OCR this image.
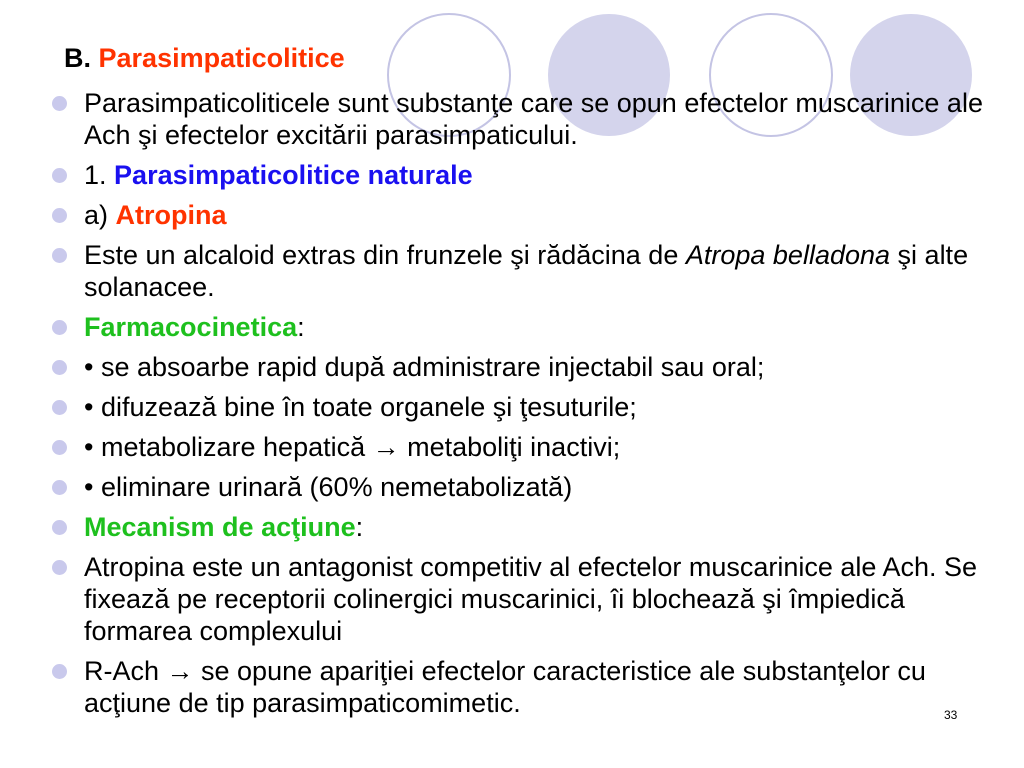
B. Parasimpaticolitice
Parasimpaticoliticele sunt substanţe care se opun efectelor muscarinice ale Ach şi efectelor excitării parasimpaticului.
1. Parasimpaticolitice naturale
a) Atropina
Este un alcaloid extras din frunzele şi rădăcina de Atropa belladona şi alte solanacee.
Farmacocinetica:
• se absoarbe rapid după administrare injectabil sau oral;
• difuzează bine în toate organele şi ţesuturile;
• metabolizare hepatică → metaboliţi inactivi;
• eliminare urinară (60% nemetabolizată)
Mecanism de acţiune:
Atropina este un antagonist competitiv al efectelor muscarinice ale Ach. Se fixează pe receptorii colinergici muscarinici, îi blochează şi împiedică formarea complexului
R-Ach → se opune apariţiei efectelor caracteristice ale substanţelor cu acţiune de tip parasimpaticomimetic.	33
